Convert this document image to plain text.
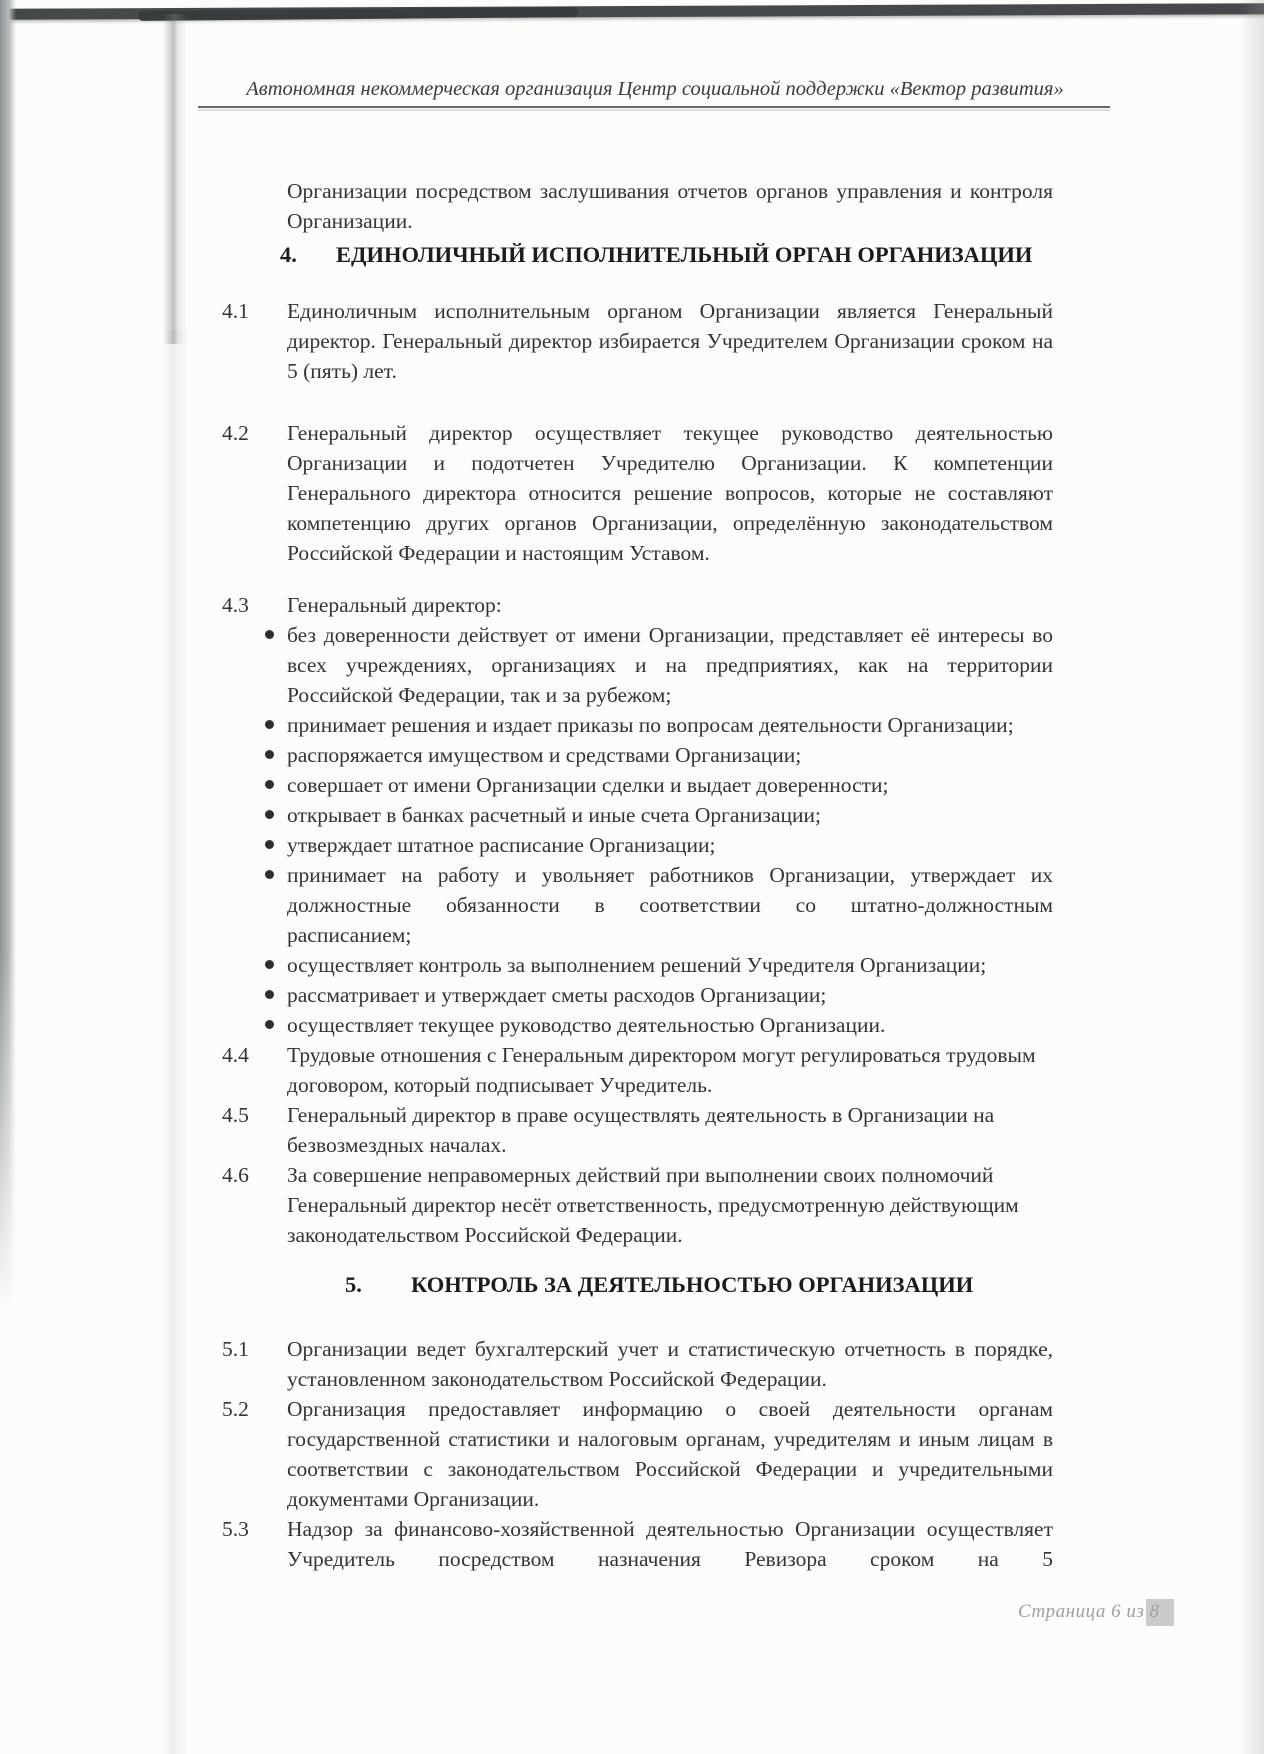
Автономная некоммерческая организация Центр социальной поддержки «Вектор развития»
Организации посредством заслушивания отчетов органов управления и контроля Организации.
4.	ЕДИНОЛИЧНЫЙ ИСПОЛНИТЕЛЬНЫЙ ОРГАН ОРГАНИЗАЦИИ
4.1	Единоличным исполнительным органом Организации является Генеральный директор. Генеральный директор избирается Учредителем Организации сроком на 5 (пять) лет.
4.2	Генеральный директор осуществляет текущее руководство деятельностью Организации и подотчетен Учредителю Организации. К компетенции Генерального директора относится решение вопросов, которые не составляют компетенцию других органов Организации, определённую законодательством Российской Федерации и настоящим Уставом.
4.3	Генеральный директор:
без доверенности действует от имени Организации, представляет её интересы во всех учреждениях, организациях и на предприятиях, как на территории Российской Федерации, так и за рубежом;
принимает решения и издает приказы по вопросам деятельности Организации;
распоряжается имуществом и средствами Организации;
совершает от имени Организации сделки и выдает доверенности;
открывает в банках расчетный и иные счета Организации;
утверждает штатное расписание Организации;
принимает на работу и увольняет работников Организации, утверждает их должностные обязанности в соответствии со штатно-должностным расписанием;
осуществляет контроль за выполнением решений Учредителя Организации;
рассматривает и утверждает сметы расходов Организации;
осуществляет текущее руководство деятельностью Организации.
4.4	Трудовые отношения с Генеральным директором могут регулироваться трудовым договором, который подписывает Учредитель.
4.5	Генеральный директор в праве осуществлять деятельность в Организации на безвозмездных началах.
4.6	За совершение неправомерных действий при выполнении своих полномочий Генеральный директор несёт ответственность, предусмотренную действующим законодательством Российской Федерации.
5.	КОНТРОЛЬ ЗА ДЕЯТЕЛЬНОСТЬЮ ОРГАНИЗАЦИИ
5.1	Организации ведет бухгалтерский учет и статистическую отчетность в порядке, установленном законодательством Российской Федерации.
5.2	Организация предоставляет информацию о своей деятельности органам государственной статистики и налоговым органам, учредителям и иным лицам в соответствии с законодательством Российской Федерации и учредительными документами Организации.
5.3	Надзор за финансово-хозяйственной деятельностью Организации осуществляет Учредитель посредством назначения Ревизора сроком на 5
Страница 6 из 8
